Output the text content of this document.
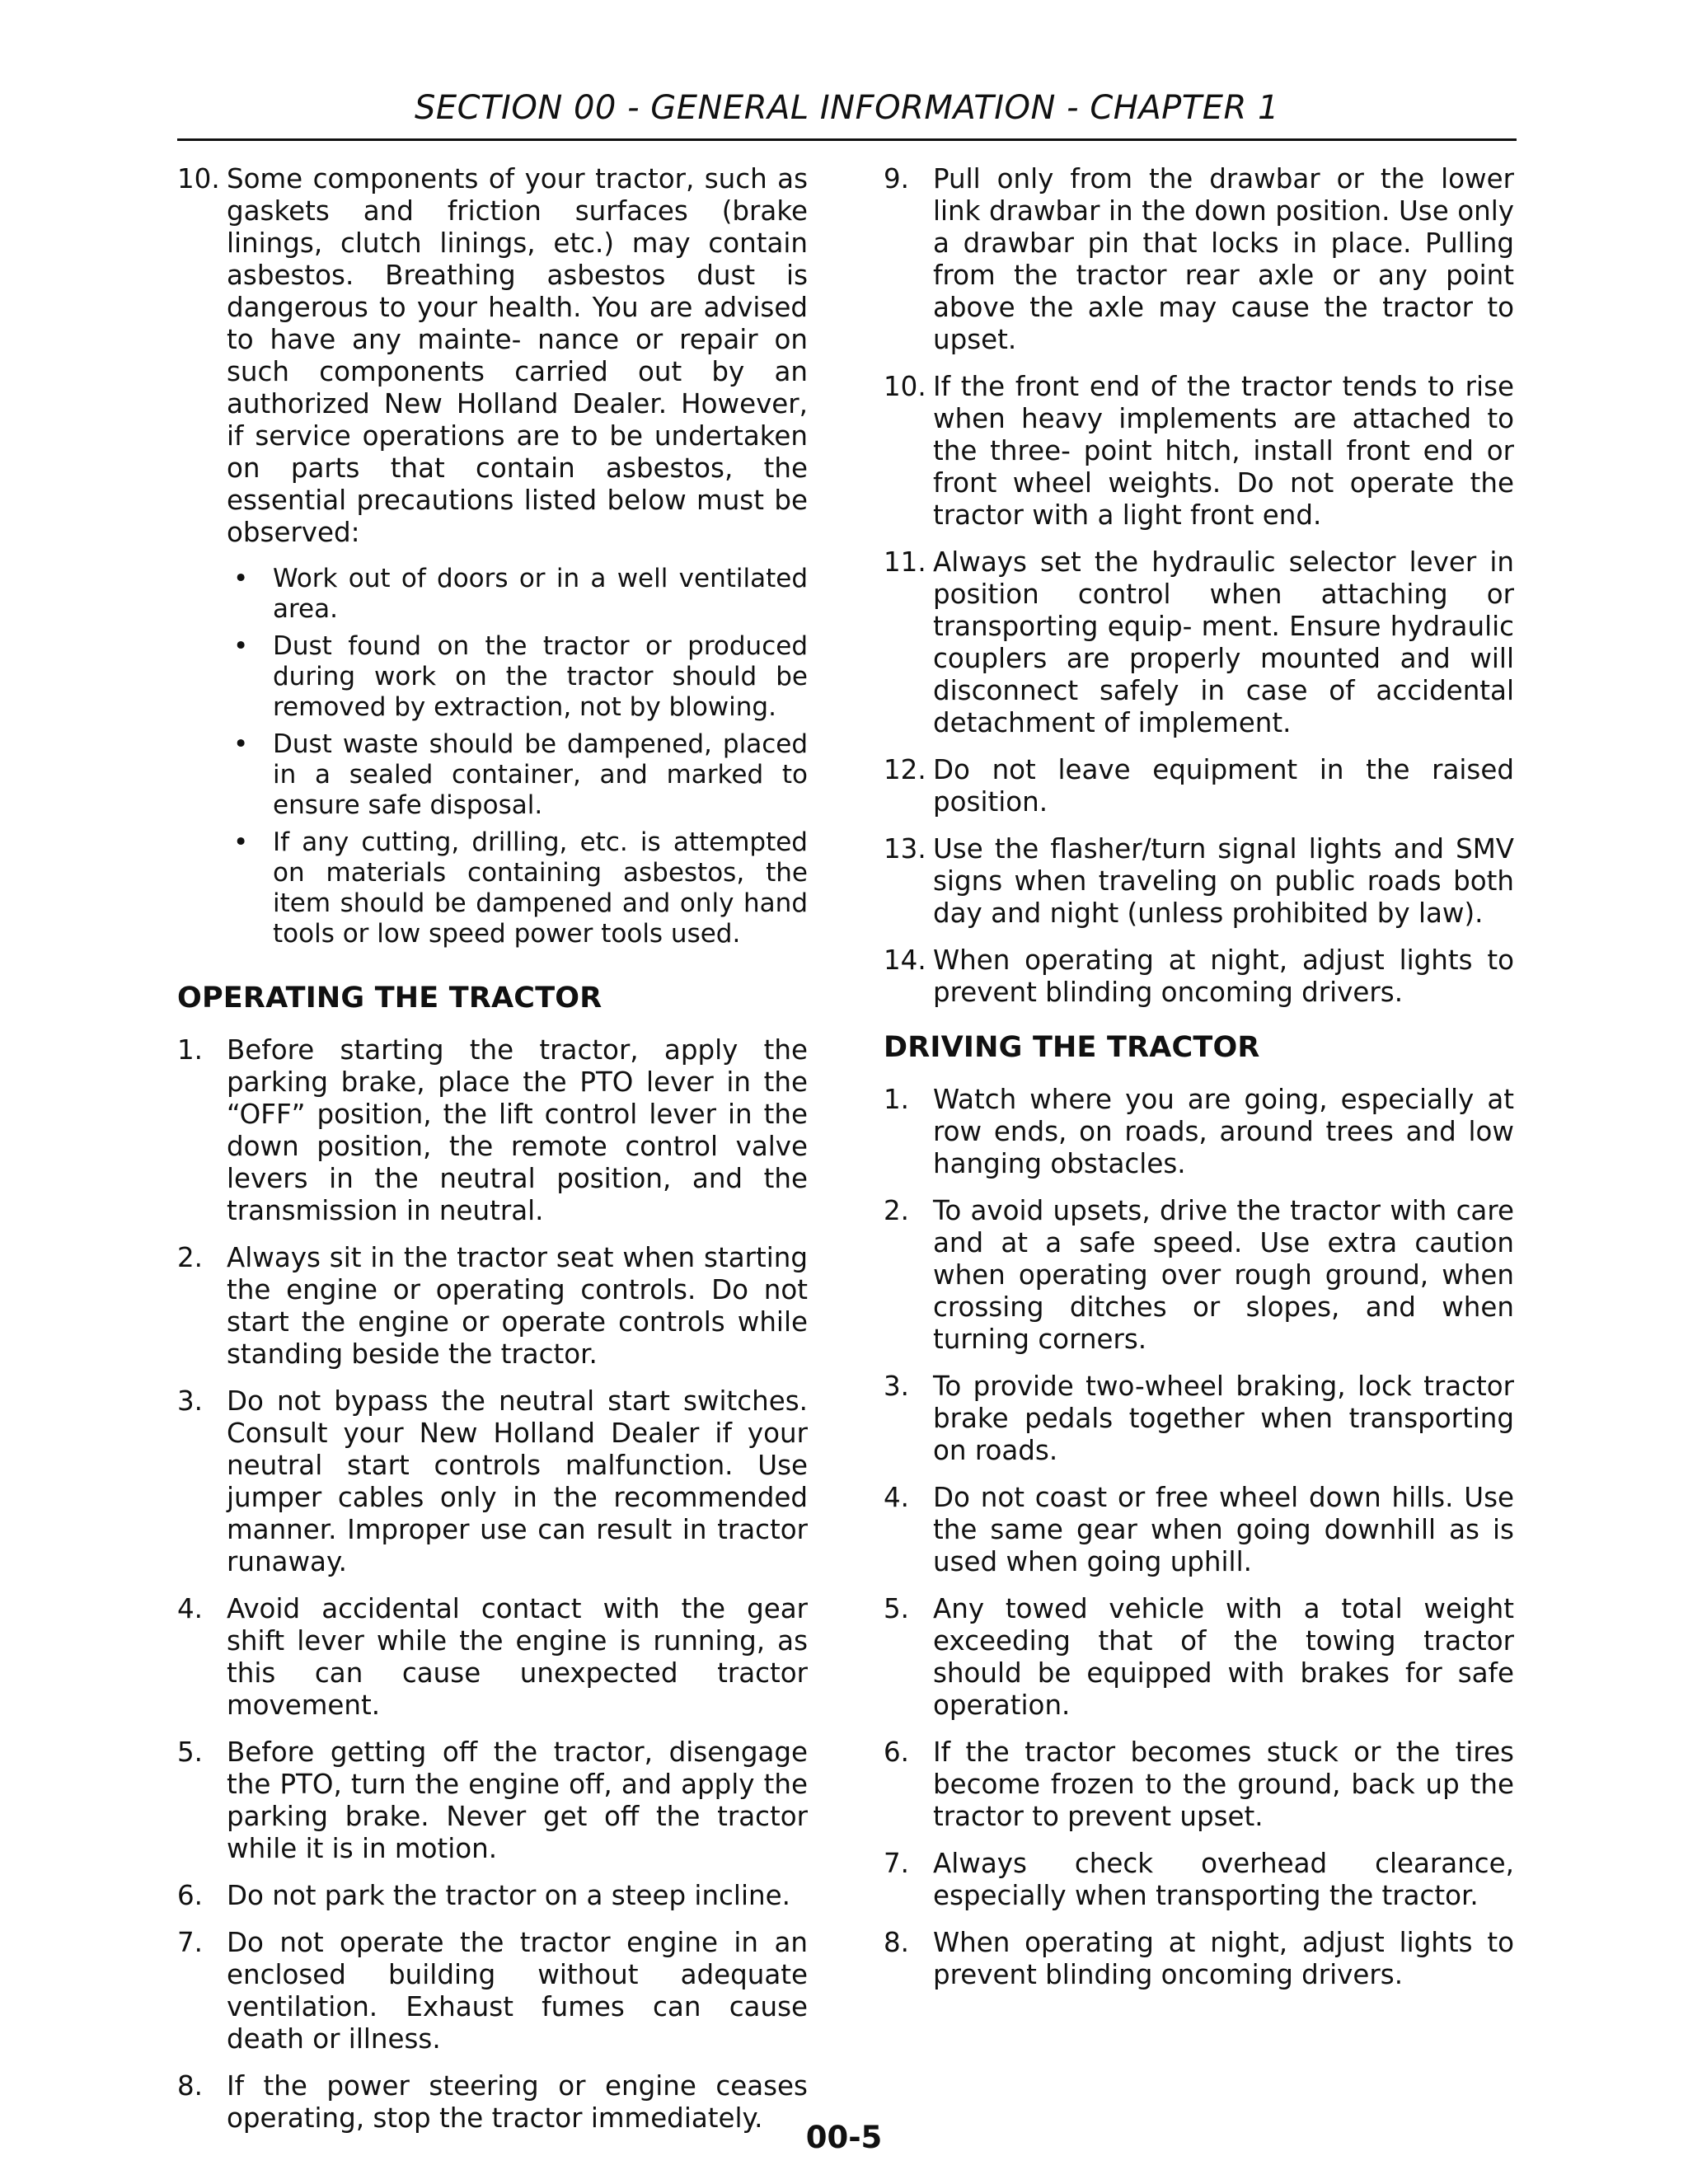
SECTION 00 - GENERAL INFORMATION - CHAPTER 1
10. Some components of your tractor, such as gaskets and friction surfaces (brake linings, clutch linings, etc.) may contain asbestos. Breathing asbestos dust is dangerous to your health. You are advised to have any mainte- nance or repair on such components carried out by an authorized New Holland Dealer. However, if service operations are to be undertaken on parts that contain asbestos, the essential precautions listed below must be observed:
• Work out of doors or in a well ventilated area.
• Dust found on the tractor or produced during work on the tractor should be removed by extraction, not by blowing.
• Dust waste should be dampened, placed in a sealed container, and marked to ensure safe disposal.
• If any cutting, drilling, etc. is attempted on materials containing asbestos, the item should be dampened and only hand tools or low speed power tools used.
OPERATING THE TRACTOR
1. Before starting the tractor, apply the parking brake, place the PTO lever in the “OFF” position, the lift control lever in the down position, the remote control valve levers in the neutral position, and the transmission in neutral.
2. Always sit in the tractor seat when starting the engine or operating controls. Do not start the engine or operate controls while standing beside the tractor.
3. Do not bypass the neutral start switches. Consult your New Holland Dealer if your neutral start controls malfunction. Use jumper cables only in the recommended manner. Improper use can result in tractor runaway.
4. Avoid accidental contact with the gear shift lever while the engine is running, as this can cause unexpected tractor movement.
5. Before getting off the tractor, disengage the PTO, turn the engine off, and apply the parking brake. Never get off the tractor while it is in motion.
6. Do not park the tractor on a steep incline.
7. Do not operate the tractor engine in an enclosed building without adequate ventilation. Exhaust fumes can cause death or illness.
8. If the power steering or engine ceases operating, stop the tractor immediately.
9. Pull only from the drawbar or the lower link drawbar in the down position. Use only a drawbar pin that locks in place. Pulling from the tractor rear axle or any point above the axle may cause the tractor to upset.
10. If the front end of the tractor tends to rise when heavy implements are attached to the three- point hitch, install front end or front wheel weights. Do not operate the tractor with a light front end.
11. Always set the hydraulic selector lever in position control when attaching or transporting equip- ment. Ensure hydraulic couplers are properly mounted and will disconnect safely in case of accidental detachment of implement.
12. Do not leave equipment in the raised position.
13. Use the flasher/turn signal lights and SMV signs when traveling on public roads both day and night (unless prohibited by law).
14. When operating at night, adjust lights to prevent blinding oncoming drivers.
DRIVING THE TRACTOR
1. Watch where you are going, especially at row ends, on roads, around trees and low hanging obstacles.
2. To avoid upsets, drive the tractor with care and at a safe speed. Use extra caution when operating over rough ground, when crossing ditches or slopes, and when turning corners.
3. To provide two-wheel braking, lock tractor brake pedals together when transporting on roads.
4. Do not coast or free wheel down hills. Use the same gear when going downhill as is used when going uphill.
5. Any towed vehicle with a total weight exceeding that of the towing tractor should be equipped with brakes for safe operation.
6. If the tractor becomes stuck or the tires become frozen to the ground, back up the tractor to prevent upset.
7. Always check overhead clearance, especially when transporting the tractor.
8. When operating at night, adjust lights to prevent blinding oncoming drivers.
00-5
